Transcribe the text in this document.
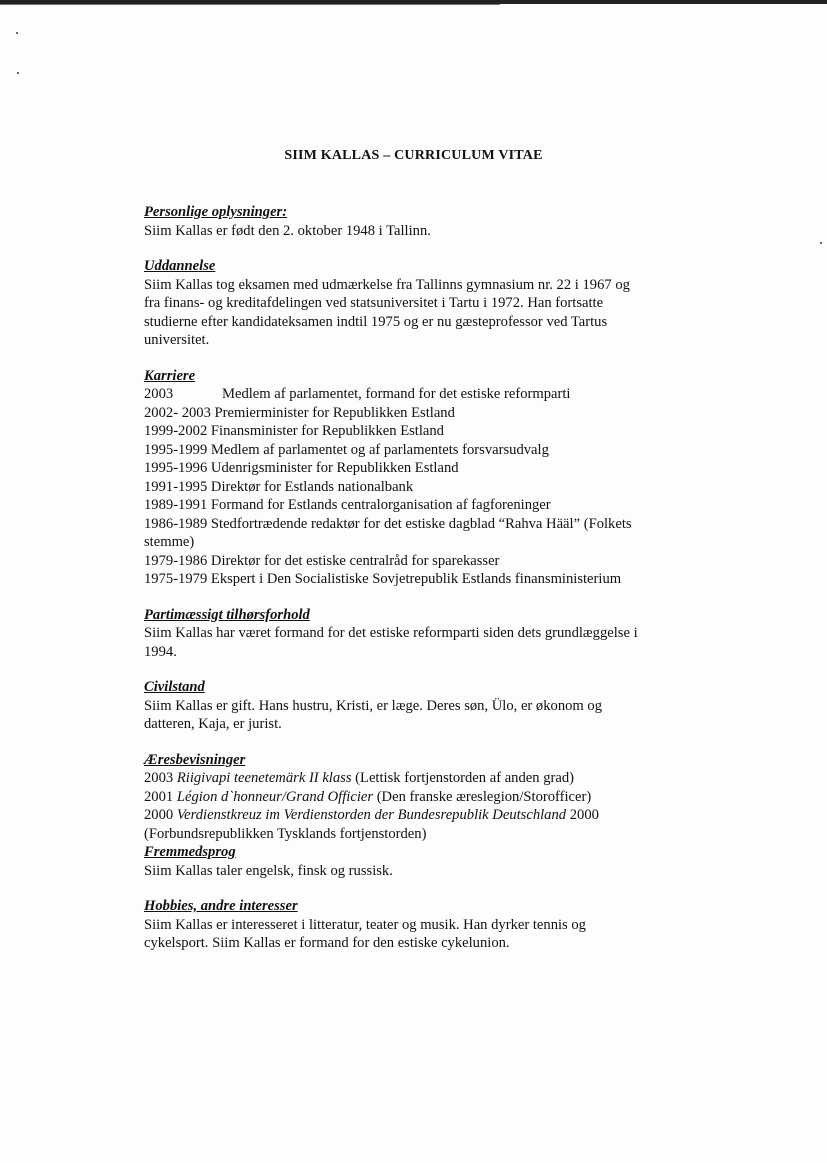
SIIM KALLAS – CURRICULUM VITAE

Personlige oplysninger:

Siim Kallas er født den 2. oktober 1948 i Tallinn.

Uddannelse

Siim Kallas tog eksamen med udmærkelse fra Tallinns gymnasium nr. 22 i 1967 og

fra finans- og kreditafdelingen ved statsuniversitet i Tartu i 1972. Han fortsatte

studierne efter kandidateksamen indtil 1975 og er nu gæsteprofessor ved Tartus

universitet.

Karriere

2003	Medlem af parlamentet, formand for det estiske reformparti
2002- 2003
Premierminister for Republikken Estland
1999-2002
Finansminister for Republikken Estland
1995-1999
Medlem af parlamentet og af parlamentets forsvarsudvalg
1995-1996
Udenrigsminister for Republikken Estland
1991-1995
Direktør for Estlands nationalbank
1989-1991
Formand for Estlands centralorganisation af fagforeninger
1986-1989
Stedfortrædende redaktør for det estiske dagblad “Rahva Hääl” (Folkets
stemme)
1979-1986
Direktør for det estiske centralråd for sparekasser
1975-1979
Ekspert i Den Socialistiske Sovjetrepublik Estlands finansministerium

Partimæssigt tilhørsforhold

Siim Kallas har været formand for det estiske reformparti siden dets grundlæggelse i

1994.

Civilstand

Siim Kallas er gift. Hans hustru, Kristi, er læge. Deres søn, Ülo, er økonom og

datteren, Kaja, er jurist.

Æresbevisninger

2003 Riigivapi teenetemärk II klass (Lettisk fortjenstorden af anden grad)

2001 Légion d`honneur/Grand Officier (Den franske æreslegion/Storofficer)

2000 Verdienstkreuz im Verdienstorden der Bundesrepublik Deutschland 2000

(Forbundsrepublikken Tysklands fortjenstorden)

Fremmedsprog

Siim Kallas taler engelsk, finsk og russisk.

Hobbies, andre interesser

Siim Kallas er interesseret i litteratur, teater og musik. Han dyrker tennis og

cykelsport. Siim Kallas er formand for den estiske cykelunion.
